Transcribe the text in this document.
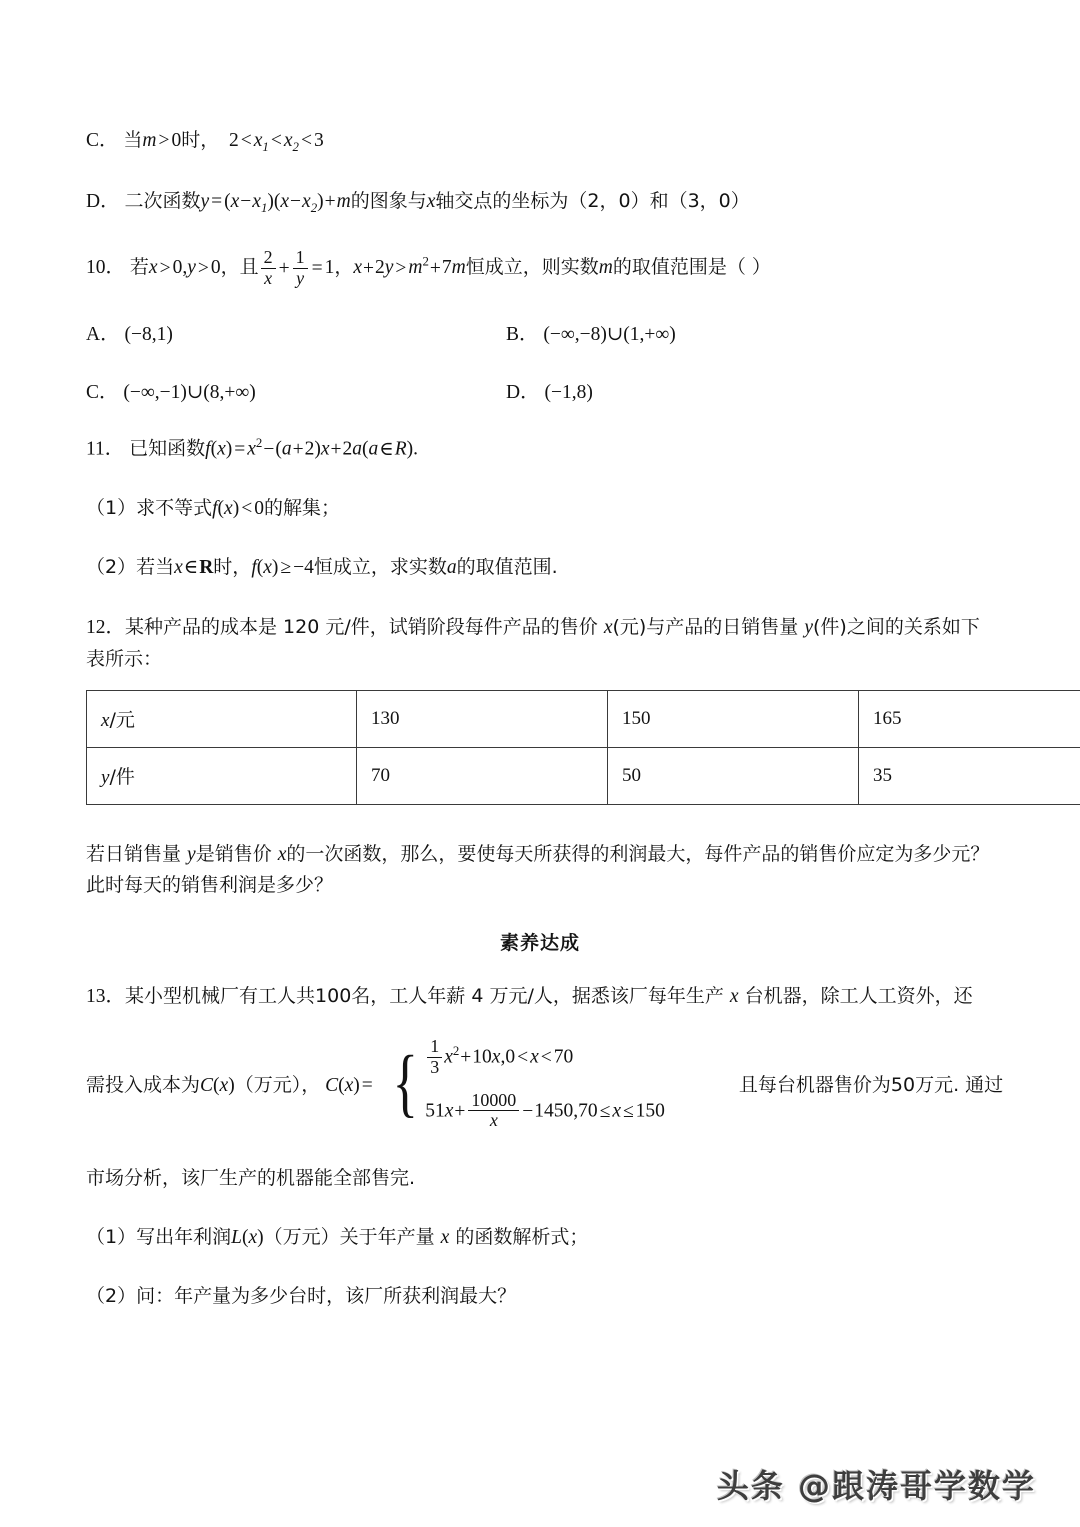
C． 当m > 0时， $2 < x_1 < x_2 < 3$
D． 二次函数$y = (x-x_1)(x-x_2)+m$的图象与x轴交点的坐标为（2，0）和（3，0）
10． 若x > 0,y > 0，且 $\frac{2}{x} + \frac{1}{y} = 1$，$x+2y > m^2+7m$恒成立，则实数m的取值范围是（ ）
A． (−8,1)	B． (−∞,−8)∪(1,+∞)
C． (−∞,−1)∪(8,+∞)	D． (−1,8)
11． 已知函数$f(x) = x^2-(a+2)x+2a(a\in R)$.
（1）求不等式f(x) < 0的解集；
（2）若当x∈R时，f(x) ≥ −4恒成立，求实数a的取值范围.
12．某种产品的成本是 120 元/件，试销阶段每件产品的售价 x(元)与产品的日销售量 y(件)之间的关系如下表所示：
x/元	130	150	165
y/件	70	50	35
若日销售量 y是销售价 x的一次函数，那么，要使每天所获得的利润最大，每件产品的销售价应定为多少元？此时每天的销售利润是多少？
素养达成
13．某小型机械厂有工人共100名，工人年薪 4 万元/人，据悉该厂每年生产 x 台机器，除工人工资外，还
需投入成本为C(x)（万元）， C(x) = { $\frac{1}{3} x^2+10x,0 < x < 70$
$51x+ \frac{10000}{x} -1450,70 \le x \le 150$
且每台机器售价为50万元. 通过
市场分析，该厂生产的机器能全部售完.
（1）写出年利润L(x)（万元）关于年产量 x 的函数解析式；
（2）问：年产量为多少台时，该厂所获利润最大？
头条 @跟涛哥学数学
